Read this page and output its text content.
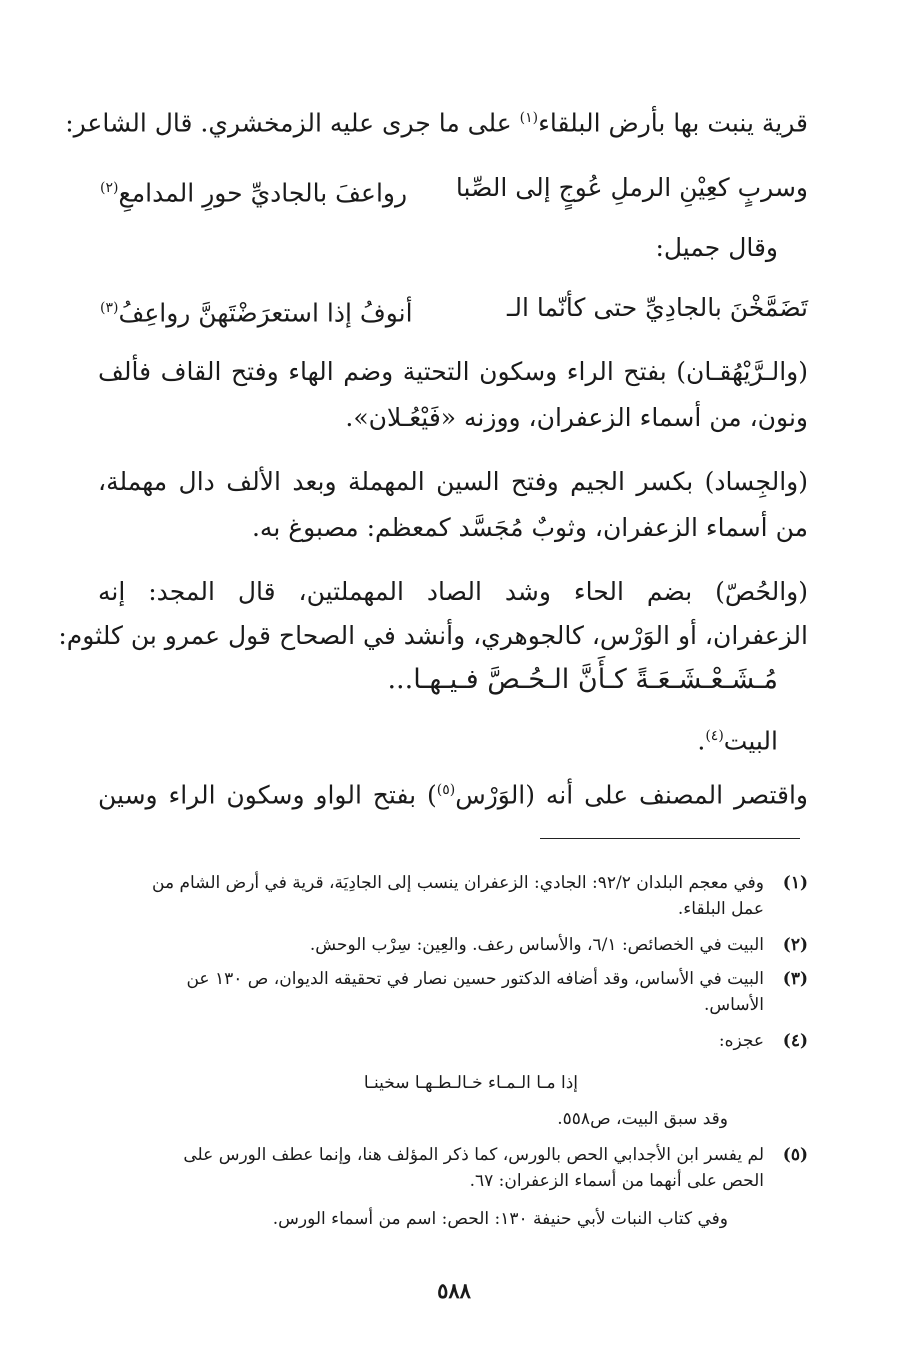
قرية ينبت بها بأرض البلقاء$^{(١)}$ على ما جرى عليه الزمخشري. قال الشاعر:
وسربٍ كعِيْنِ الرملِ عُوجٍ إلى الصِّبا
رواعفَ بالجاديِّ حورِ المدامعِ$^{(٢)}$
وقال جميل:
تَضَمَّخْنَ بالجادِيِّ حتى كأنّما الـ
أنوفُ إذا استعرَضْتَهنَّ رواعِفُ$^{(٣)}$
(والـرَّيْهُقـان) بفتح الراء وسكون التحتية وضم الهاء وفتح القاف فألف
ونون، من أسماء الزعفران، ووزنه «فَيْعُـلان».
(والجِساد) بكسر الجيم وفتح السين المهملة وبعد الألف دال مهملة،
من أسماء الزعفران، وثوبٌ مُجَسَّد كمعظم: مصبوغ به.
(والحُصّ) بضم الحاء وشد الصاد المهملتين، قال المجد: إنه
الزعفران، أو الوَرْس، كالجوهري، وأنشد في الصحاح قول عمرو بن كلثوم:
مُـشَـعْـشَـعَـةً كـأَنَّ الـحُـصَّ فـيـهـا...
البيت$^{(٤)}$.
واقتصر المصنف على أنه (الوَرْس$^{(٥)}$) بفتح الواو وسكون الراء وسين
(١)وفي معجم البلدان ٩٢/٢: الجادي: الزعفران ينسب إلى الجادِيَة، قرية في أرض الشام من
عمل البلقاء.
(٢)البيت في الخصائص: ٦/١، والأساس رعف. والعِين: سِرْب الوحش.
(٣)البيت في الأساس، وقد أضافه الدكتور حسين نصار في تحقيقه الديوان، ص ١٣٠ عن
الأساس.
(٤)عجزه:
إذا مـا الـمـاء خـالـطـهـا سخينـا
وقد سبق البيت، ص٥٥٨.
(٥)لم يفسر ابن الأجدابي الحص بالورس، كما ذكر المؤلف هنا، وإنما عطف الورس على
الحص على أنهما من أسماء الزعفران: ٦٧.
وفي كتاب النبات لأبي حنيفة ١٣٠: الحص: اسم من أسماء الورس.
٥٨٨
